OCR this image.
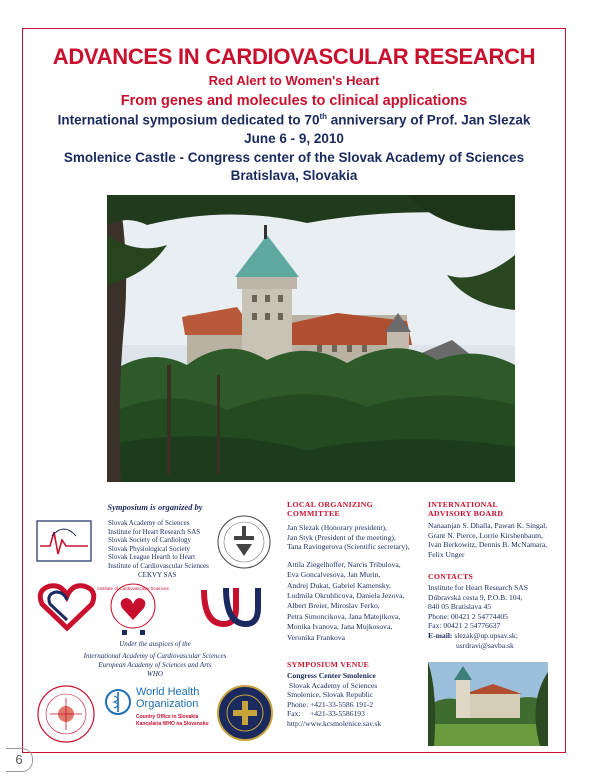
ADVANCES IN CARDIOVASCULAR RESEARCH
Red Alert to Women's Heart
From genes and molecules to clinical applications
International symposium dedicated to 70th anniversary of Prof. Jan Slezak
June 6 - 9, 2010
Smolenice Castle - Congress center of the Slovak Academy of Sciences
Bratislava, Slovakia
Symposium is organized by
Slovak Academy of Sciences
Institute for Heart Research SAS
Slovak Society of Cardiology
Slovak Physiological Society
Slovak League Hearth to Heart
Institute of Cardiovascular Sciences
CEKVY SAS
Institute of Cardiovascular Sciences
Under the auspices of the
International Academy of Cardiovascular Sciences
European Academy of Sciences and Arts
WHO
World Health
Organization
Country Office in Slovakia
Kancelária WHO na Slovensku
LOCAL ORGANIZING
COMMITTEE
Jan Slezak (Honorary president),
Jan Styk (President of the meeting),
Tana Ravingerova (Scientific secretary),
Attila Ziegelhoffer, Narcis Tribulova,
Eva Goncalvesova, Jan Murin,
Andrej Dukat, Gabriel Kamensky,
Ludmila Okruhlicova, Daniela Jezova,
Albert Breier, Miroslav Ferko,
Petra Simoncikova, Jana Matejikova,
Monika Ivanova, Jana Mujkosova,
Veronika Frankova
SYMPOSIUM VENUE
Congress Center Smolenice
Slovak Academy of Sciences
Smolenice, Slovak Republic
Phone: +421-33-5586 191-2
Fax:     +421-33-5586193
http://www.kcsmolenice.sav.sk
INTERNATIONAL
ADVISORY BOARD
Nanaanjan S. Dhalla, Pawan K. Singal,
Grant N. Pierce, Lorrie Kirshenbaum,
Ivan Berkowitz, Dennis B. McNamara,
Felix Unger
CONTACTS
Institute for Heart Research SAS
Dúbravská cesta 9, P.O.B. 104,
840 05 Bratislava 45
Phone: 00421 2 54774405
Fax: 00421 2 54776637
E-mail: slezak@up.upsav.sk;
usrdravi@savba.sk
6
